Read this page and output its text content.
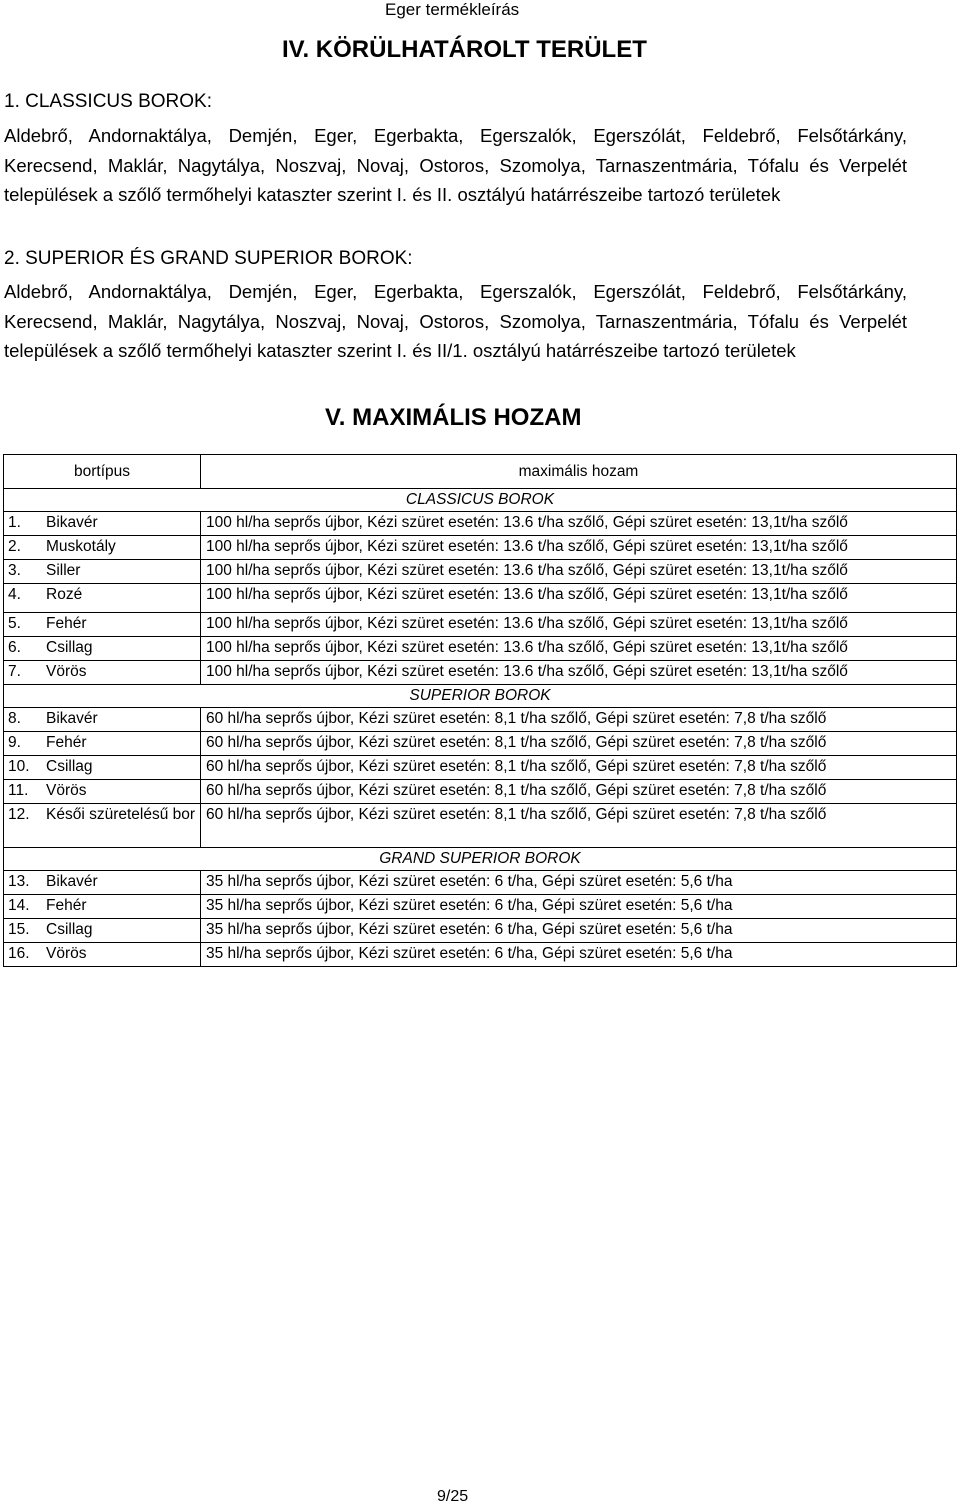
Eger termékleírás
IV. KÖRÜLHATÁROLT TERÜLET
1. CLASSICUS BOROK:
Aldebrő, Andornaktálya, Demjén, Eger, Egerbakta, Egerszalók, Egerszólát, Feldebrő, Felsőtárkány, Kerecsend, Maklár, Nagytálya, Noszvaj, Novaj, Ostoros, Szomolya, Tarnaszentmária, Tófalu és Verpelét települések a szőlő termőhelyi kataszter szerint I. és II. osztályú határrészeibe tartozó területek
2. SUPERIOR ÉS GRAND SUPERIOR BOROK:
Aldebrő, Andornaktálya, Demjén, Eger, Egerbakta, Egerszalók, Egerszólát, Feldebrő, Felsőtárkány, Kerecsend, Maklár, Nagytálya, Noszvaj, Novaj, Ostoros, Szomolya, Tarnaszentmária, Tófalu és Verpelét települések a szőlő termőhelyi kataszter szerint I. és II/1. osztályú határrészeibe tartozó területek
V. MAXIMÁLIS HOZAM
bortípus		maximális hozam
CLASSICUS BOROK		
1.	Bikavér	100 hl/ha seprős újbor, Kézi szüret esetén: 13.6 t/ha szőlő, Gépi szüret esetén: 13,1t/ha szőlő
2.	Muskotály	100 hl/ha seprős újbor, Kézi szüret esetén: 13.6 t/ha szőlő, Gépi szüret esetén: 13,1t/ha szőlő
3.	Siller	100 hl/ha seprős újbor, Kézi szüret esetén: 13.6 t/ha szőlő, Gépi szüret esetén: 13,1t/ha szőlő
4.	Rozé	100 hl/ha seprős újbor, Kézi szüret esetén: 13.6 t/ha szőlő, Gépi szüret esetén: 13,1t/ha szőlő
5.	Fehér	100 hl/ha seprős újbor, Kézi szüret esetén: 13.6 t/ha szőlő, Gépi szüret esetén: 13,1t/ha szőlő
6.	Csillag	100 hl/ha seprős újbor, Kézi szüret esetén: 13.6 t/ha szőlő, Gépi szüret esetén: 13,1t/ha szőlő
7.	Vörös	100 hl/ha seprős újbor, Kézi szüret esetén: 13.6 t/ha szőlő, Gépi szüret esetén: 13,1t/ha szőlő
SUPERIOR BOROK		
8.	Bikavér	60 hl/ha seprős újbor, Kézi szüret esetén: 8,1 t/ha szőlő, Gépi szüret esetén: 7,8 t/ha szőlő
9.	Fehér	60 hl/ha seprős újbor, Kézi szüret esetén: 8,1 t/ha szőlő, Gépi szüret esetén: 7,8 t/ha szőlő
10.	Csillag	60 hl/ha seprős újbor, Kézi szüret esetén: 8,1 t/ha szőlő, Gépi szüret esetén: 7,8 t/ha szőlő
11.	Vörös	60 hl/ha seprős újbor, Kézi szüret esetén: 8,1 t/ha szőlő, Gépi szüret esetén: 7,8 t/ha szőlő
12.	Késői szüretelésű bor	60 hl/ha seprős újbor, Kézi szüret esetén: 8,1 t/ha szőlő, Gépi szüret esetén: 7,8 t/ha szőlő
GRAND SUPERIOR BOROK		
13.	Bikavér	35 hl/ha seprős újbor, Kézi szüret esetén: 6 t/ha, Gépi szüret esetén: 5,6 t/ha
14.	Fehér	35 hl/ha seprős újbor, Kézi szüret esetén: 6 t/ha, Gépi szüret esetén: 5,6 t/ha
15.	Csillag	35 hl/ha seprős újbor, Kézi szüret esetén: 6 t/ha, Gépi szüret esetén: 5,6 t/ha
16.	Vörös	35 hl/ha seprős újbor, Kézi szüret esetén: 6 t/ha, Gépi szüret esetén: 5,6 t/ha
9/25
